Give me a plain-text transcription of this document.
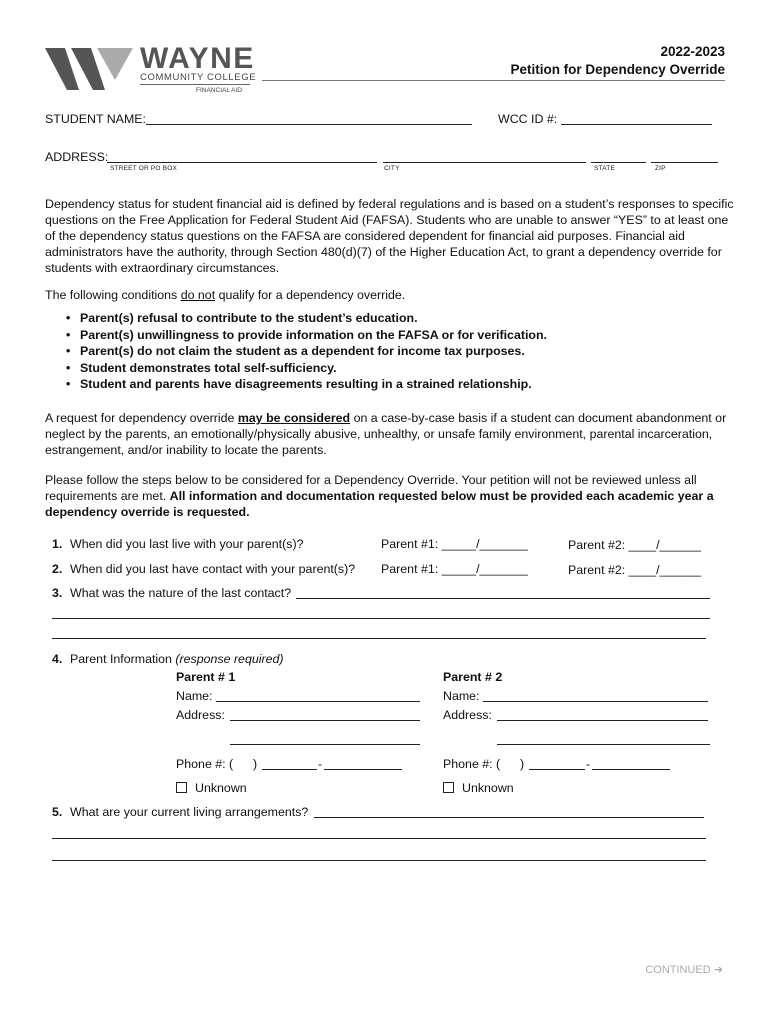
WAYNE
COMMUNITY COLLEGE
FINANCIAL AID
2022-2023
Petition for Dependency Override
STUDENT NAME:	WCC ID #:
ADDRESS:
STREET OR PO BOX	CITY	STATE	ZIP

Dependency status for student financial aid is defined by federal regulations and is based on a student’s responses to specific questions on the Free Application for Federal Student Aid (FAFSA). Students who are unable to answer “YES” to at least one of the dependency status questions on the FAFSA are considered dependent for financial aid purposes. Financial aid administrators have the authority, through Section 480(d)(7) of the Higher Education Act, to grant a dependency override for students with extraordinary circumstances.

The following conditions do not qualify for a dependency override.

• Parent(s) refusal to contribute to the student’s education.
• Parent(s) unwillingness to provide information on the FAFSA or for verification.
• Parent(s) do not claim the student as a dependent for income tax purposes.
• Student demonstrates total self-sufficiency.
• Student and parents have disagreements resulting in a strained relationship.

A request for dependency override may be considered on a case-by-case basis if a student can document abandonment or neglect by the parents, an emotionally/physically abusive, unhealthy, or unsafe family environment, parental incarceration, estrangement, and/or inability to locate the parents.

Please follow the steps below to be considered for a Dependency Override. Your petition will not be reviewed unless all requirements are met. All information and documentation requested below must be provided each academic year a dependency override is requested.

1. When did you last live with your parent(s)?	Parent #1: _____/_______	Parent #2: ____/______
2. When did you last have contact with your parent(s)? Parent #1: _____/_______	Parent #2: ____/______
3. What was the nature of the last contact?
4. Parent Information (response required)
Parent # 1	Parent # 2
Name:	Name:
Address:	Address:
Phone #: ( )	-	Phone #: ( )	-
Unknown	Unknown
5. What are your current living arrangements?
CONTINUED ➔
